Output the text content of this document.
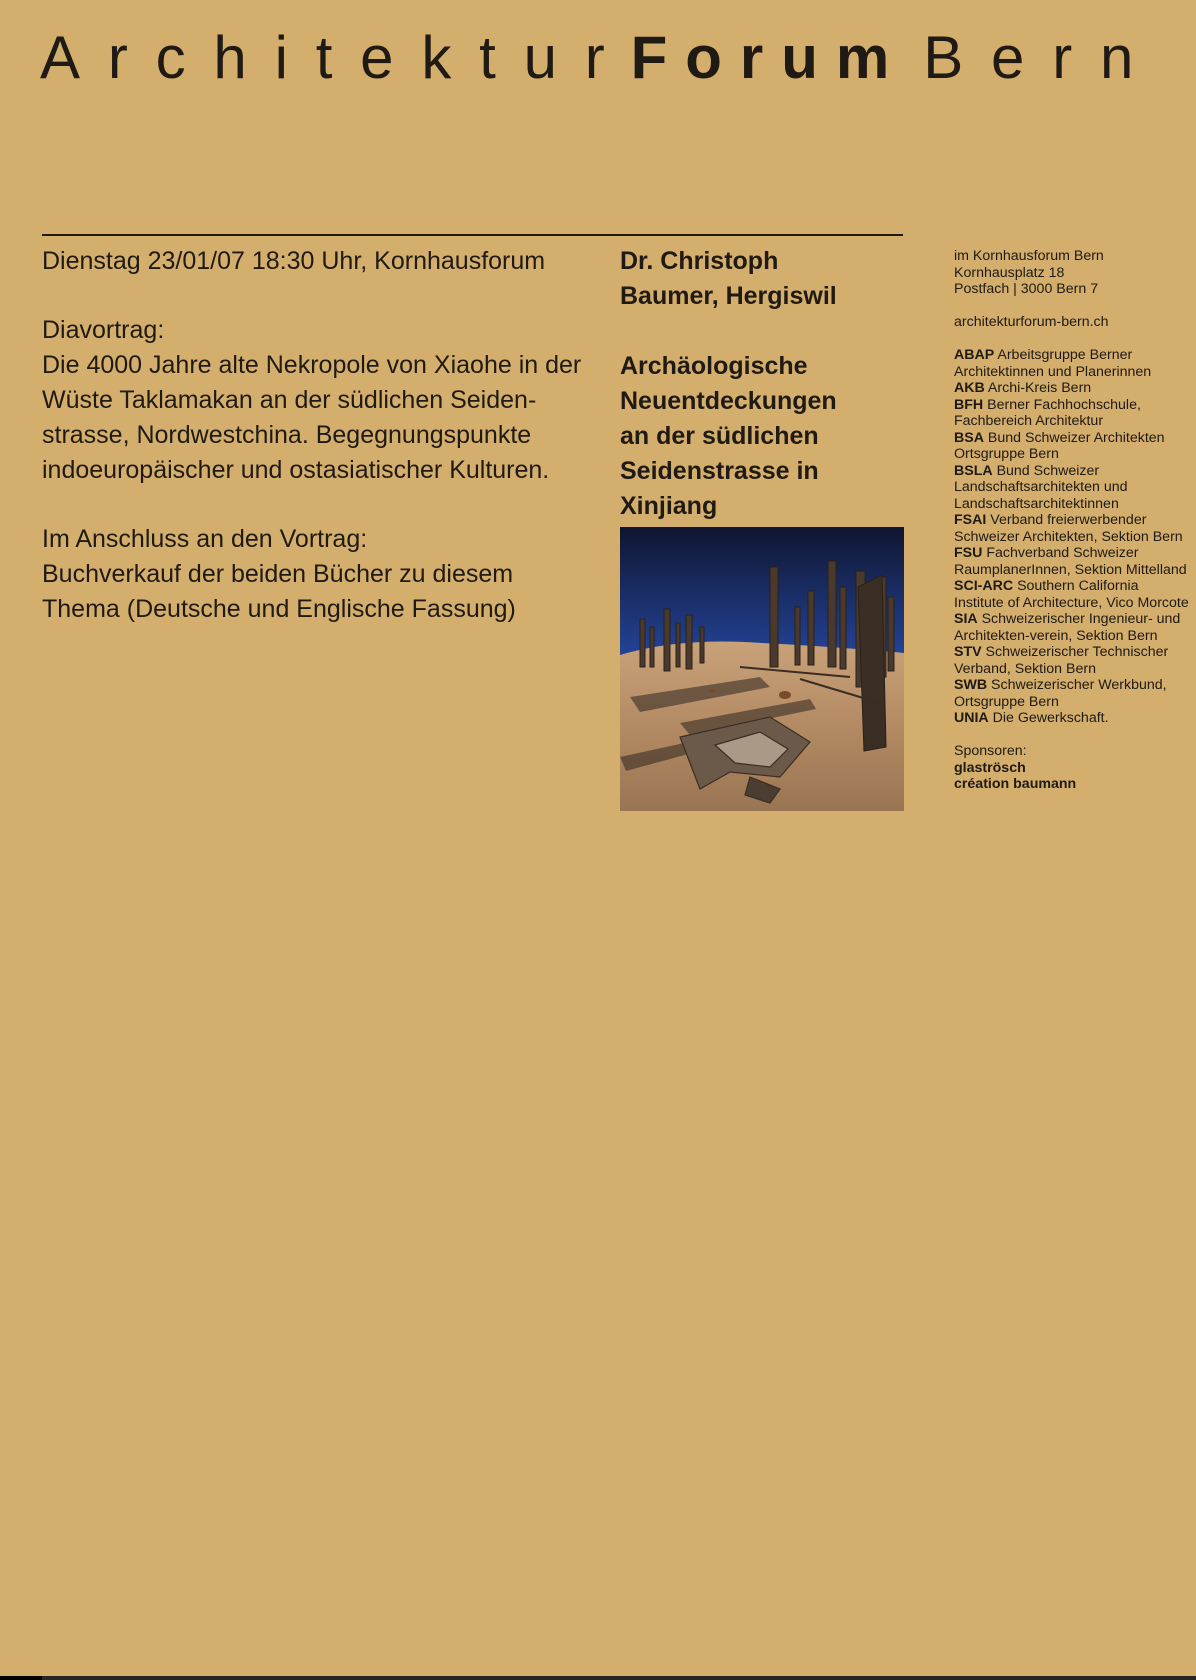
ArchitekturForum Bern

Dienstag 23/01/07 18:30 Uhr, Kornhausforum

Diavortrag:

Die 4000 Jahre alte Nekropole von Xiaohe in der
Wüste Taklamakan an der südlichen Seiden-
strasse, Nordwestchina. Begegnungspunkte
indoeuropäischer und ostasiatischer Kulturen.

Im Anschluss an den Vortrag:

Buchverkauf der beiden Bücher zu diesem
Thema (Deutsche und Englische Fassung)

Dr. Christoph
Baumer, Hergiswil

Archäologische
Neuentdeckungen
an der südlichen
Seidenstrasse in
Xinjiang

im Kornhausforum Bern
Kornhausplatz 18
Postfach | 3000 Bern 7

architekturforum-bern.ch

ABAP Arbeitsgruppe Berner Architektinnen und Planerinnen

AKB Archi-Kreis Bern

BFH Berner Fachhochschule, Fachbereich Architektur

BSA Bund Schweizer Architekten Ortsgruppe Bern

BSLA Bund Schweizer Landschaftsarchitekten und Landschaftsarchitektinnen

FSAI Verband freierwerbender Schweizer Architekten, Sektion Bern

FSU Fachverband Schweizer RaumplanerInnen, Sektion Mittelland

SCI-ARC Southern California Institute of Architecture, Vico Morcote

SIA Schweizerischer Ingenieur- und Architekten-verein, Sektion Bern

STV Schweizerischer Technischer Verband, Sektion Bern

SWB Schweizerischer Werkbund, Ortsgruppe Bern

UNIA Die Gewerkschaft.

Sponsoren:

glaströsch

création baumann
